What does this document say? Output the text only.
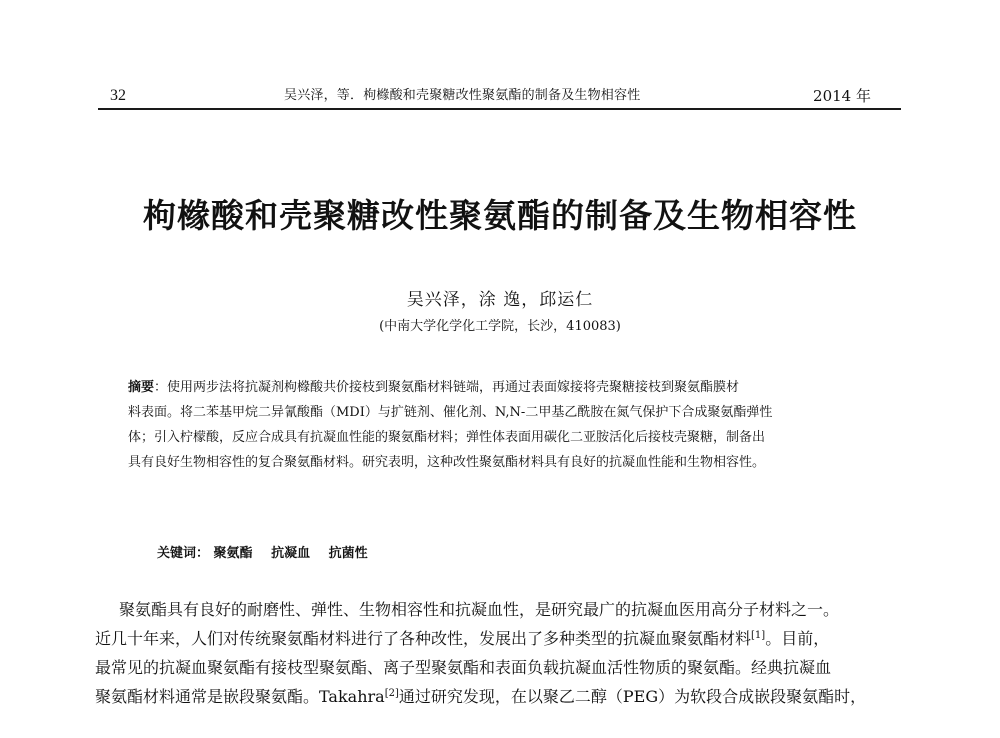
32	吴兴泽，等．枸橼酸和壳聚糖改性聚氨酯的制备及生物相容性	2014 年
枸橼酸和壳聚糖改性聚氨酯的制备及生物相容性
吴兴泽，涂 逸，邱运仁
(中南大学化学化工学院，长沙，410083)
摘要：使用两步法将抗凝剂枸橼酸共价接枝到聚氨酯材料链端，再通过表面嫁接将壳聚糖接枝到聚氨酯膜材
料表面。将二苯基甲烷二异氰酸酯（MDI）与扩链剂、催化剂、N,N-二甲基乙酰胺在氮气保护下合成聚氨酯弹性
体；引入柠檬酸，反应合成具有抗凝血性能的聚氨酯材料；弹性体表面用碳化二亚胺活化后接枝壳聚糖，制备出
具有良好生物相容性的复合聚氨酯材料。研究表明，这种改性聚氨酯材料具有良好的抗凝血性能和生物相容性。
关键词： 聚氨酯 抗凝血 抗菌性
聚氨酯具有良好的耐磨性、弹性、生物相容性和抗凝血性，是研究最广的抗凝血医用高分子材料之一。
近几十年来，人们对传统聚氨酯材料进行了各种改性，发展出了多种类型的抗凝血聚氨酯材料[1]。目前，
最常见的抗凝血聚氨酯有接枝型聚氨酯、离子型聚氨酯和表面负载抗凝血活性物质的聚氨酯。经典抗凝血
聚氨酯材料通常是嵌段聚氨酯。Takahra[2]通过研究发现，在以聚乙二醇（PEG）为软段合成嵌段聚氨酯时，
